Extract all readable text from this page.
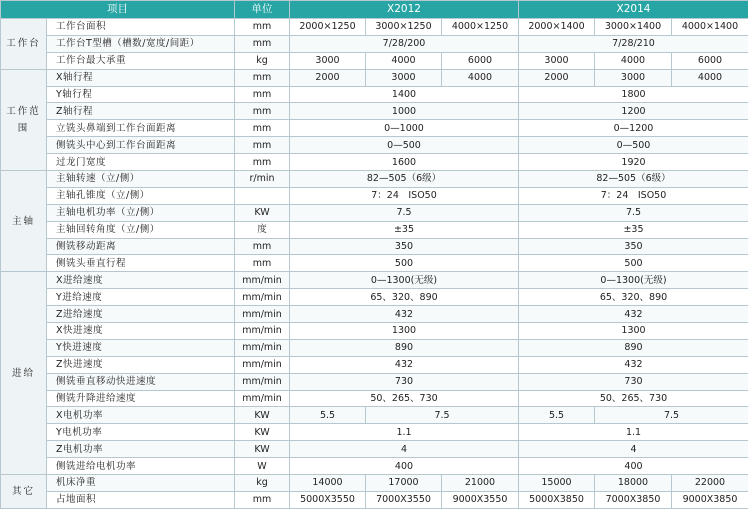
项目		单位	X2012			X2014		
工作台	工作台面积	mm	2000×1250	3000×1250	4000×1250	2000×1400	3000×1400	4000×1400
	工作台T型槽（槽数/宽度/间距）	mm	7/28/200			7/28/210		
	工作台最大承重	kg	3000	4000	6000	3000	4000	6000
工作范围	X轴行程	mm	2000	3000	4000	2000	3000	4000
	Y轴行程	mm	1400			1800		
	Z轴行程	mm	1000			1200		
	立铣头鼻端到工作台面距离	mm	0—1000			0—1200		
	侧铣头中心到工作台面距离	mm	0—500			0—500		
	过龙门宽度	mm	1600			1920		
主轴	主轴转速（立/侧）	r/min	82—505（6级）			82—505（6级）		
	主轴孔锥度（立/侧）		7：24　ISO50			7：24　ISO50		
	主轴电机功率（立/侧）	KW	7.5			7.5		
	主轴回转角度（立/侧）	度	±35			±35		
	侧铣移动距离	mm	350			350		
	侧铣头垂直行程	mm	500			500		
进给	X进给速度	mm/min	0—1300(无级)			0—1300(无级)		
	Y进给速度	mm/min	65、320、890			65、320、890		
	Z进给速度	mm/min	432			432		
	X快进速度	mm/min	1300			1300		
	Y快进速度	mm/min	890			890		
	Z快进速度	mm/min	432			432		
	侧铣垂直移动快进速度	mm/min	730			730		
	侧铣升降进给速度	mm/min	50、265、730			50、265、730		
	X电机功率	KW	5.5	7.5		5.5	7.5	
	Y电机功率	KW	1.1			1.1		
	Z电机功率	KW	4			4		
	侧铣进给电机功率	W	400			400		
其它	机床净重	kg	14000	17000	21000	15000	18000	22000
	占地面积	mm	5000X3550	7000X3550	9000X3550	5000X3850	7000X3850	9000X3850
